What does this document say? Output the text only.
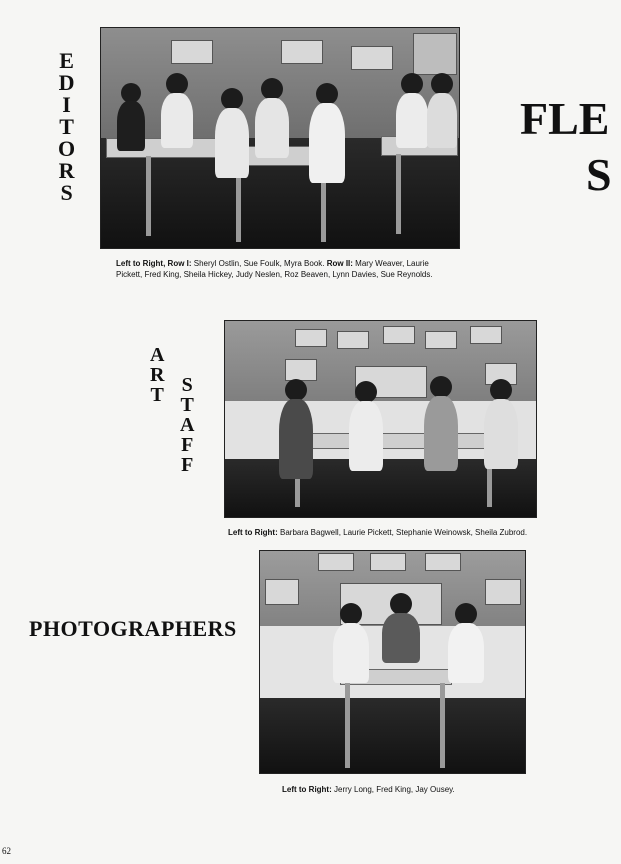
FLE
S
E
D
I
T
O
R
S
Left to Right, Row I: Sheryl Ostlin, Sue Foulk, Myra Book. Row II: Mary Weaver, Laurie Pickett, Fred King, Sheila Hickey, Judy Neslen, Roz Beaven, Lynn Davies, Sue Reynolds.
A
R
T S
T
A
F
F
Left to Right: Barbara Bagwell, Laurie Pickett, Stephanie Weinowsk, Sheila Zubrod.
PHOTOGRAPHERS
Left to Right: Jerry Long, Fred King, Jay Ousey.
62
